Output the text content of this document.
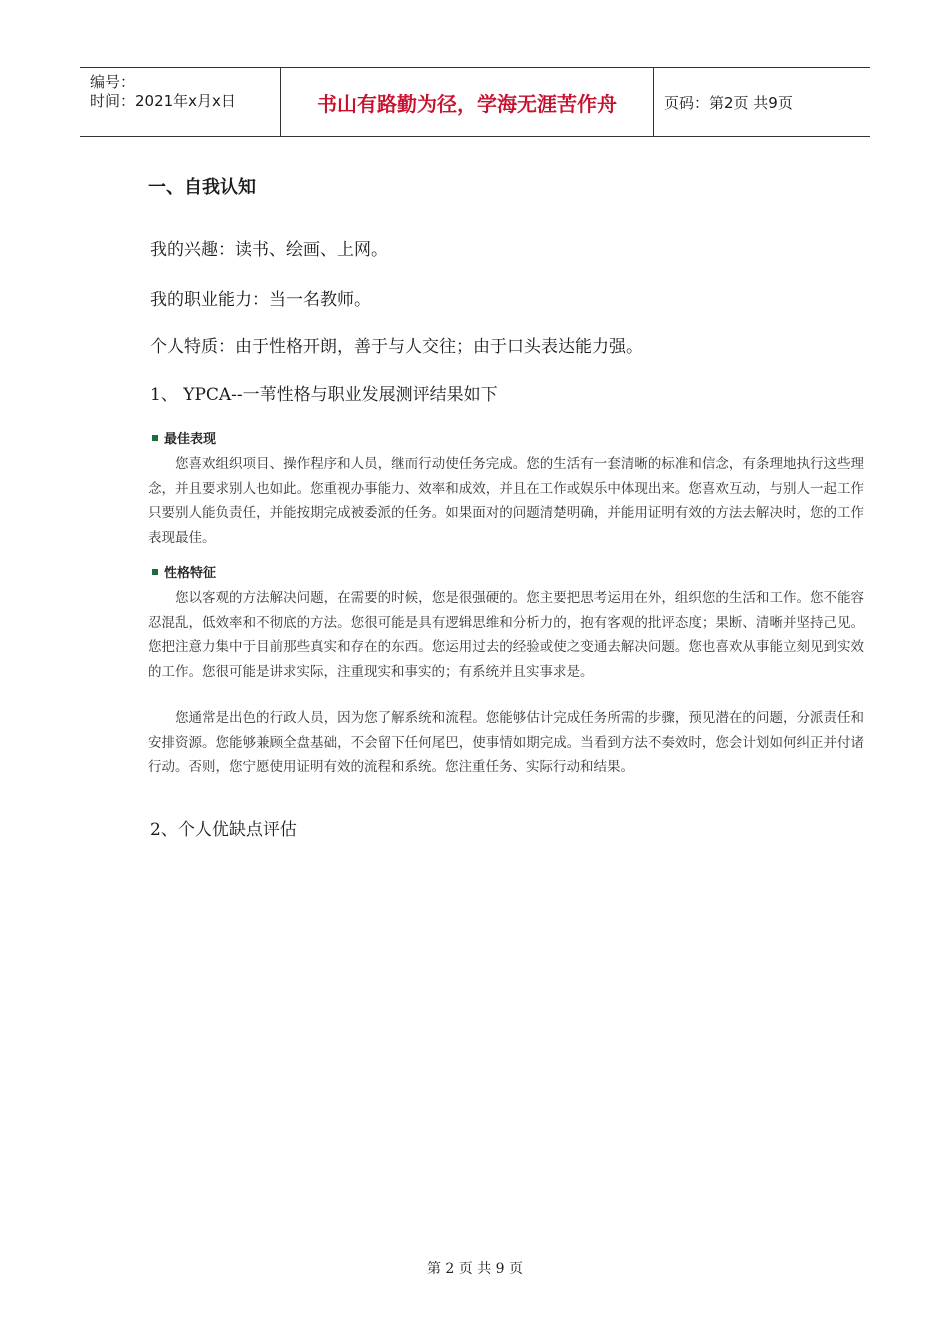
编号：
时间：2021年x月x日	书山有路勤为径，学海无涯苦作舟	页码：第2页 共9页
一、自我认知
我的兴趣：读书、绘画、上网。
我的职业能力：当一名教师。
个人特质：由于性格开朗，善于与人交往；由于口头表达能力强。
1、 YPCA--一苇性格与职业发展测评结果如下
最佳表现
您喜欢组织项目、操作程序和人员，继而行动使任务完成。您的生活有一套清晰的标准和信念，有条理地执行这些理念，并且要求别人也如此。您重视办事能力、效率和成效，并且在工作或娱乐中体现出来。您喜欢互动，与别人一起工作只要别人能负责任，并能按期完成被委派的任务。如果面对的问题清楚明确，并能用证明有效的方法去解决时，您的工作表现最佳。
性格特征
您以客观的方法解决问题，在需要的时候，您是很强硬的。您主要把思考运用在外，组织您的生活和工作。您不能容忍混乱，低效率和不彻底的方法。您很可能是具有逻辑思维和分析力的，抱有客观的批评态度；果断、清晰并坚持己见。您把注意力集中于目前那些真实和存在的东西。您运用过去的经验或使之变通去解决问题。您也喜欢从事能立刻见到实效的工作。您很可能是讲求实际，注重现实和事实的；有系统并且实事求是。
您通常是出色的行政人员，因为您了解系统和流程。您能够估计完成任务所需的步骤，预见潜在的问题，分派责任和安排资源。您能够兼顾全盘基础，不会留下任何尾巴，使事情如期完成。当看到方法不奏效时，您会计划如何纠正并付诸行动。否则，您宁愿使用证明有效的流程和系统。您注重任务、实际行动和结果。
2、个人优缺点评估
第 2 页 共 9 页
